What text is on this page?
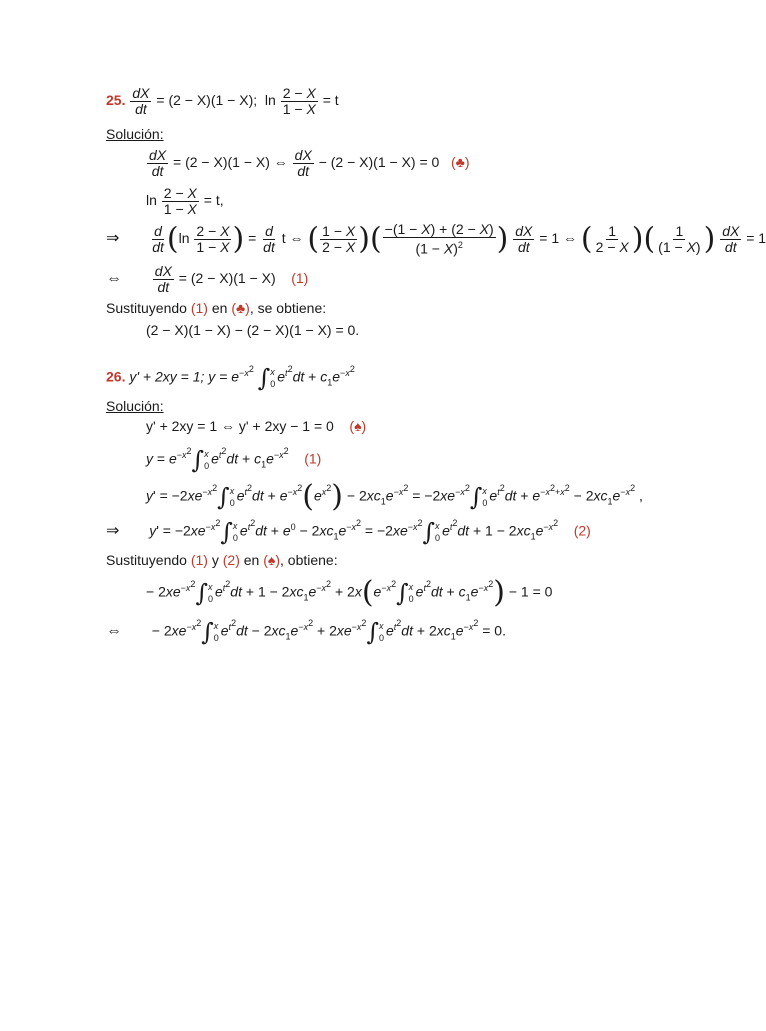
25. $\frac{dX}{dt} = (2 - X)(1 - X)$; $\ln \frac{2 - X}{1 - X} = t$
Solución:
$\frac{dX}{dt} = (2 - X)(1 - X)$ ⇔ $\frac{dX}{dt} - (2 - X)(1 - X) = 0$ (♣)
$\ln \frac{2 - X}{1 - X} = t$,
⇒ $\frac{d}{dt} (\ln \frac{2 - X}{1 - X}$ ) = $\frac{d}{dt}$ t ⇔ ( $\frac{1 - X}{2 - X}$ )( $\frac{-(1 - X) + (2 - X)}{(1 - X)^2}$ ) $\frac{dX}{dt} = 1$ ⇔ ( $\frac{1}{2 - X}$ )( $\frac{1}{(1 - X)}$ ) $\frac{dX}{dt} = 1$
⇔ $\frac{dX}{dt} = (2 - X)(1 - X)$ (1)
Sustituyendo (1) en (♣), se obtiene:
(2 − X)(1 − X) − (2 − X)(1 − X) = 0.
26. y' + 2xy = 1; $y = e^{-x^2}$ ∫ x
0 $e^{t^2}dt + c_1e^{-x^2}$
Solución:
y' + 2xy = 1 ⇔ y' + 2xy − 1 = 0 (♠)
$y = e^{-x^2}\int$ x
0 $e^{t^2}dt + c_1e^{-x^2}$ (1)
$y' = -2xe^{-x^2}\int$ x
0 $e^{t^2}dt + e^{-x^2}(e^{x^2}) - 2xc_1e^{-x^2} = -2xe^{-x^2}\int$ x
0 $e^{t^2}dt + e^{-x^2+x^2} - 2xc_1e^{-x^2}$ ,
⇒ $y' = -2xe^{-x^2}\int$ x
0 $e^{t^2}dt + e^0 - 2xc_1e^{-x^2} = -2xe^{-x^2}\int$ x
0 $e^{t^2}dt + 1 - 2xc_1e^{-x^2}$ (2)
Sustituyendo (1) y (2) en (♠), obtiene:
− $2xe^{-x^2}\int$ x
0 $e^{t^2}dt + 1 - 2xc_1e^{-x^2} + 2x(e^{-x^2}\int$ x
0 $e^{t^2}dt + c_1e^{-x^2}) - 1 = 0$
⇔  − $2xe^{-x^2}\int$ x
0 $e^{t^2}dt - 2xc_1e^{-x^2} + 2xe^{-x^2}\int$ x
0 $e^{t^2}dt + 2xc_1e^{-x^2} = 0$.
